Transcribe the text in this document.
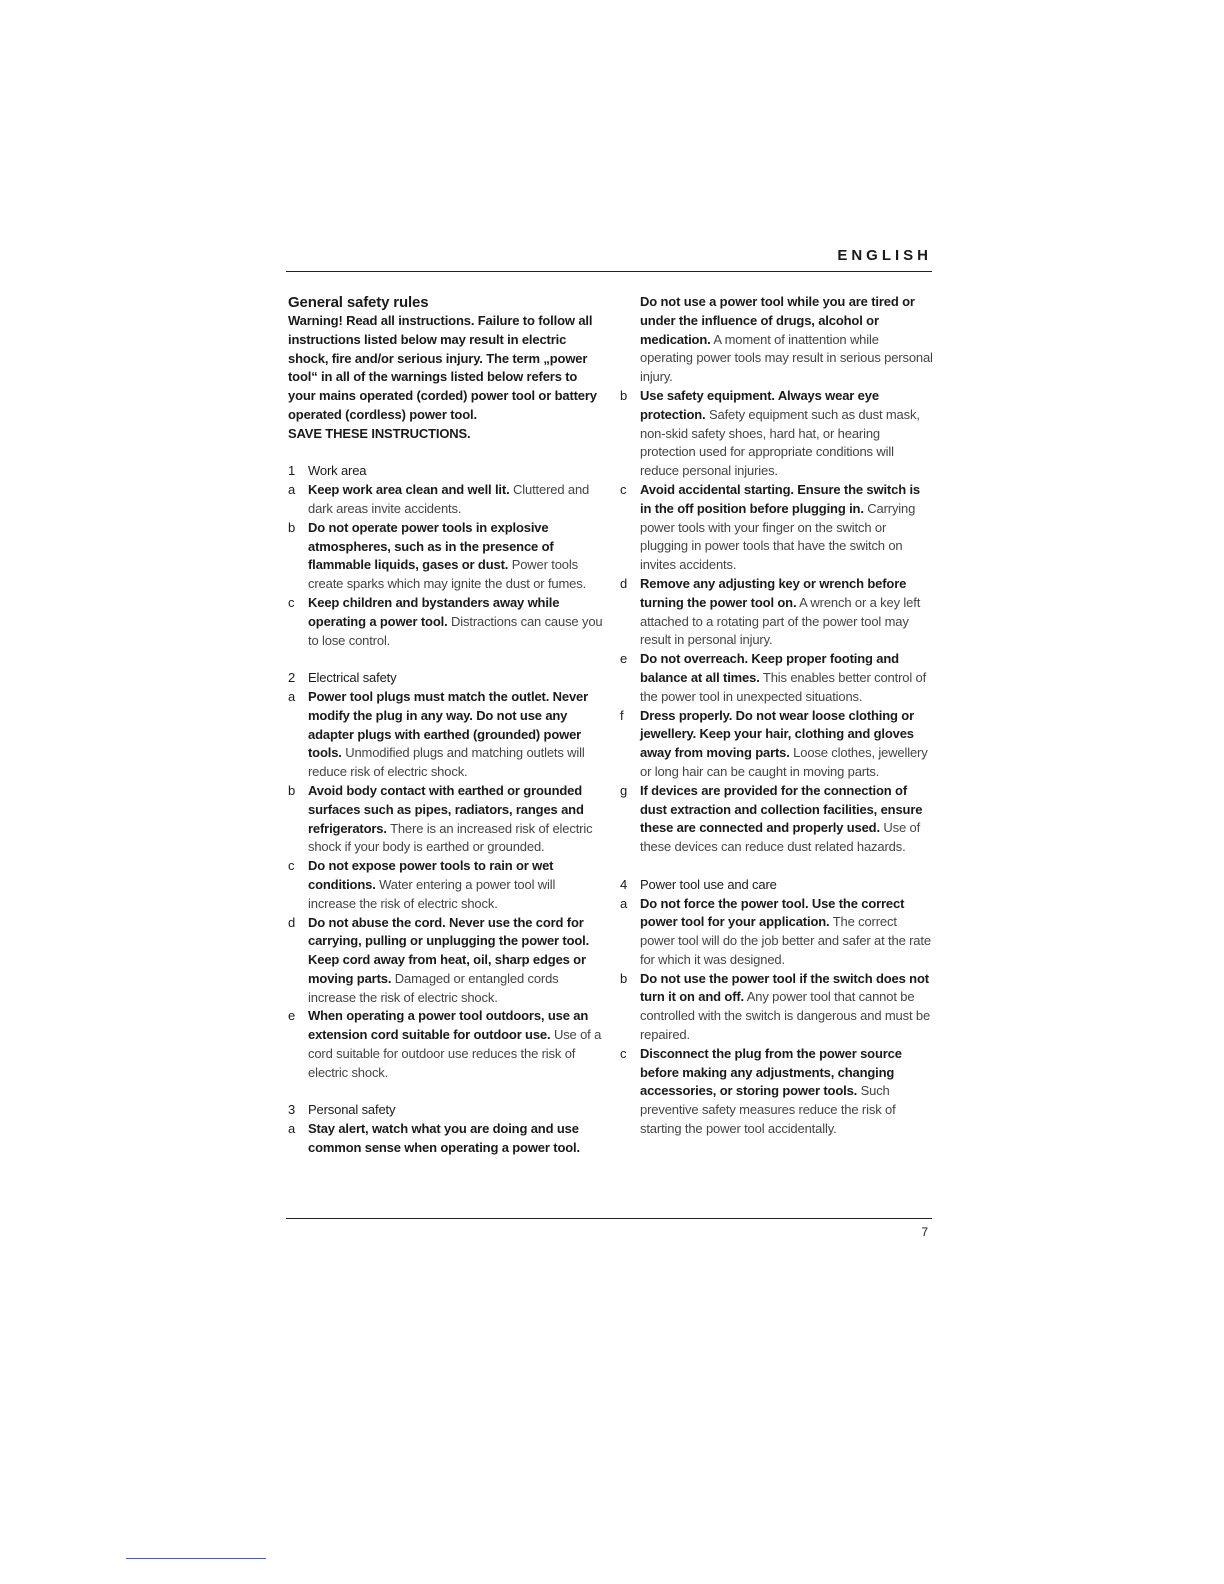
ENGLISH
General safety rules
Warning! Read all instructions. Failure to follow all instructions listed below may result in electric shock, fire and/or serious injury. The term „power tool“ in all of the warnings listed below refers to your mains operated (corded) power tool or battery operated (cordless) power tool.
SAVE THESE INSTRUCTIONS.
1 Work area
a Keep work area clean and well lit. Cluttered and dark areas invite accidents.
b Do not operate power tools in explosive atmospheres, such as in the presence of flammable liquids, gases or dust. Power tools create sparks which may ignite the dust or fumes.
c Keep children and bystanders away while operating a power tool. Distractions can cause you to lose control.
2 Electrical safety
a Power tool plugs must match the outlet. Never modify the plug in any way. Do not use any adapter plugs with earthed (grounded) power tools. Unmodified plugs and matching outlets will reduce risk of electric shock.
b Avoid body contact with earthed or grounded surfaces such as pipes, radiators, ranges and refrigerators. There is an increased risk of electric shock if your body is earthed or grounded.
c Do not expose power tools to rain or wet conditions. Water entering a power tool will increase the risk of electric shock.
d Do not abuse the cord. Never use the cord for carrying, pulling or unplugging the power tool. Keep cord away from heat, oil, sharp edges or moving parts. Damaged or entangled cords increase the risk of electric shock.
e When operating a power tool outdoors, use an extension cord suitable for outdoor use. Use of a cord suitable for outdoor use reduces the risk of electric shock.
3 Personal safety
a Stay alert, watch what you are doing and use common sense when operating a power tool.
Do not use a power tool while you are tired or under the influence of drugs, alcohol or medication. A moment of inattention while operating power tools may result in serious personal injury.
b Use safety equipment. Always wear eye protection. Safety equipment such as dust mask, non-skid safety shoes, hard hat, or hearing protection used for appropriate conditions will reduce personal injuries.
c Avoid accidental starting. Ensure the switch is in the off position before plugging in. Carrying power tools with your finger on the switch or plugging in power tools that have the switch on invites accidents.
d Remove any adjusting key or wrench before turning the power tool on. A wrench or a key left attached to a rotating part of the power tool may result in personal injury.
e Do not overreach. Keep proper footing and balance at all times. This enables better control of the power tool in unexpected situations.
f Dress properly. Do not wear loose clothing or jewellery. Keep your hair, clothing and gloves away from moving parts. Loose clothes, jewellery or long hair can be caught in moving parts.
g If devices are provided for the connection of dust extraction and collection facilities, ensure these are connected and properly used. Use of these devices can reduce dust related hazards.
4 Power tool use and care
a Do not force the power tool. Use the correct power tool for your application. The correct power tool will do the job better and safer at the rate for which it was designed.
b Do not use the power tool if the switch does not turn it on and off. Any power tool that cannot be controlled with the switch is dangerous and must be repaired.
c Disconnect the plug from the power source before making any adjustments, changing accessories, or storing power tools. Such preventive safety measures reduce the risk of starting the power tool accidentally.
7
